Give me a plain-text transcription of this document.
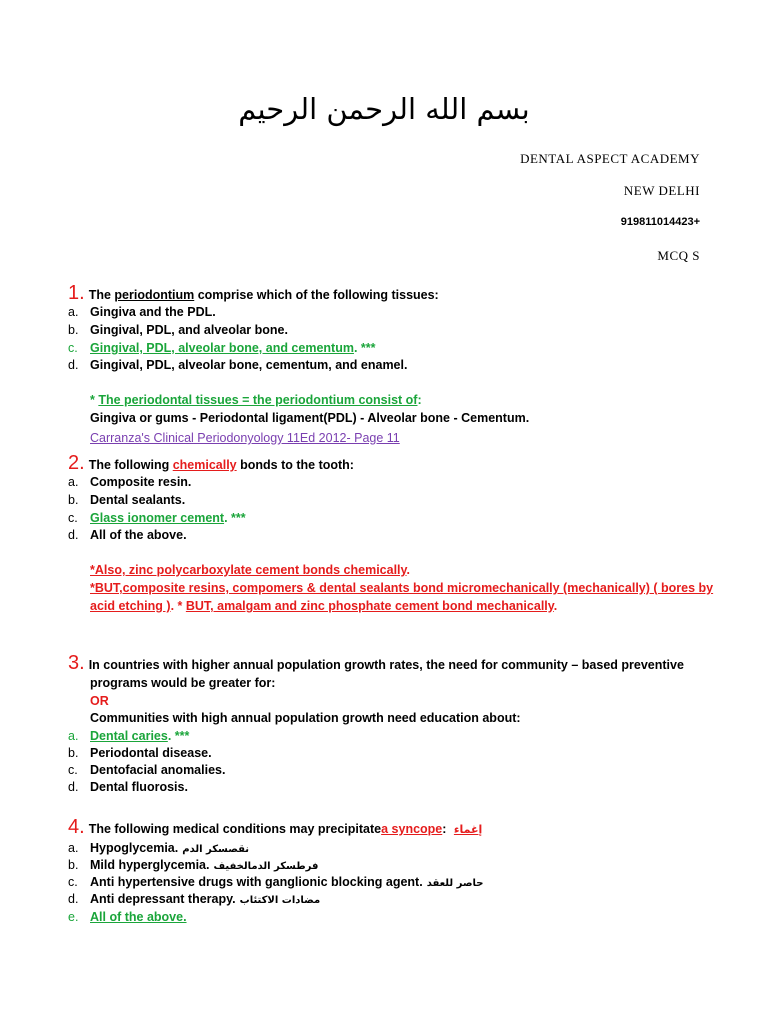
بسم الله الرحمن الرحيم
DENTAL ASPECT ACADEMY
NEW DELHI
919811014423+
MCQ S
1. The periodontium comprise which of the following tissues:
a. Gingiva and the PDL.
b. Gingival, PDL, and alveolar bone.
c. Gingival, PDL, alveolar bone, and cementum. ***
d. Gingival, PDL, alveolar bone, cementum, and enamel.
* The periodontal tissues = the periodontium consist of:
Gingiva or gums - Periodontal ligament(PDL) - Alveolar bone - Cementum.
Carranza's Clinical Periodonyology 11Ed 2012- Page 11
2. The following chemically bonds to the tooth:
a. Composite resin.
b. Dental sealants.
c. Glass ionomer cement. ***
d. All of the above.
*Also, zinc polycarboxylate cement bonds chemically.
*BUT,composite resins, compomers & dental sealants bond micromechanically (mechanically) ( bores by
acid etching ). * BUT, amalgam and zinc phosphate cement bond mechanically.
3. In countries with higher annual population growth rates, the need for community – based preventive
programs would be greater for:
OR
Communities with high annual population growth need education about:
a. Dental caries. ***
b. Periodontal disease.
c. Dentofacial anomalies.
d. Dental fluorosis.
4. The following medical conditions may precipitatea syncope: إغماء
a. Hypoglycemia. نقصسكر الدم
b. Mild hyperglycemia. فرطسكر الدمالخفيف
c. Anti hypertensive drugs with ganglionic blocking agent. حاصر للعقد
d. Anti depressant therapy. مضادات الاكتئاب
e. All of the above.
